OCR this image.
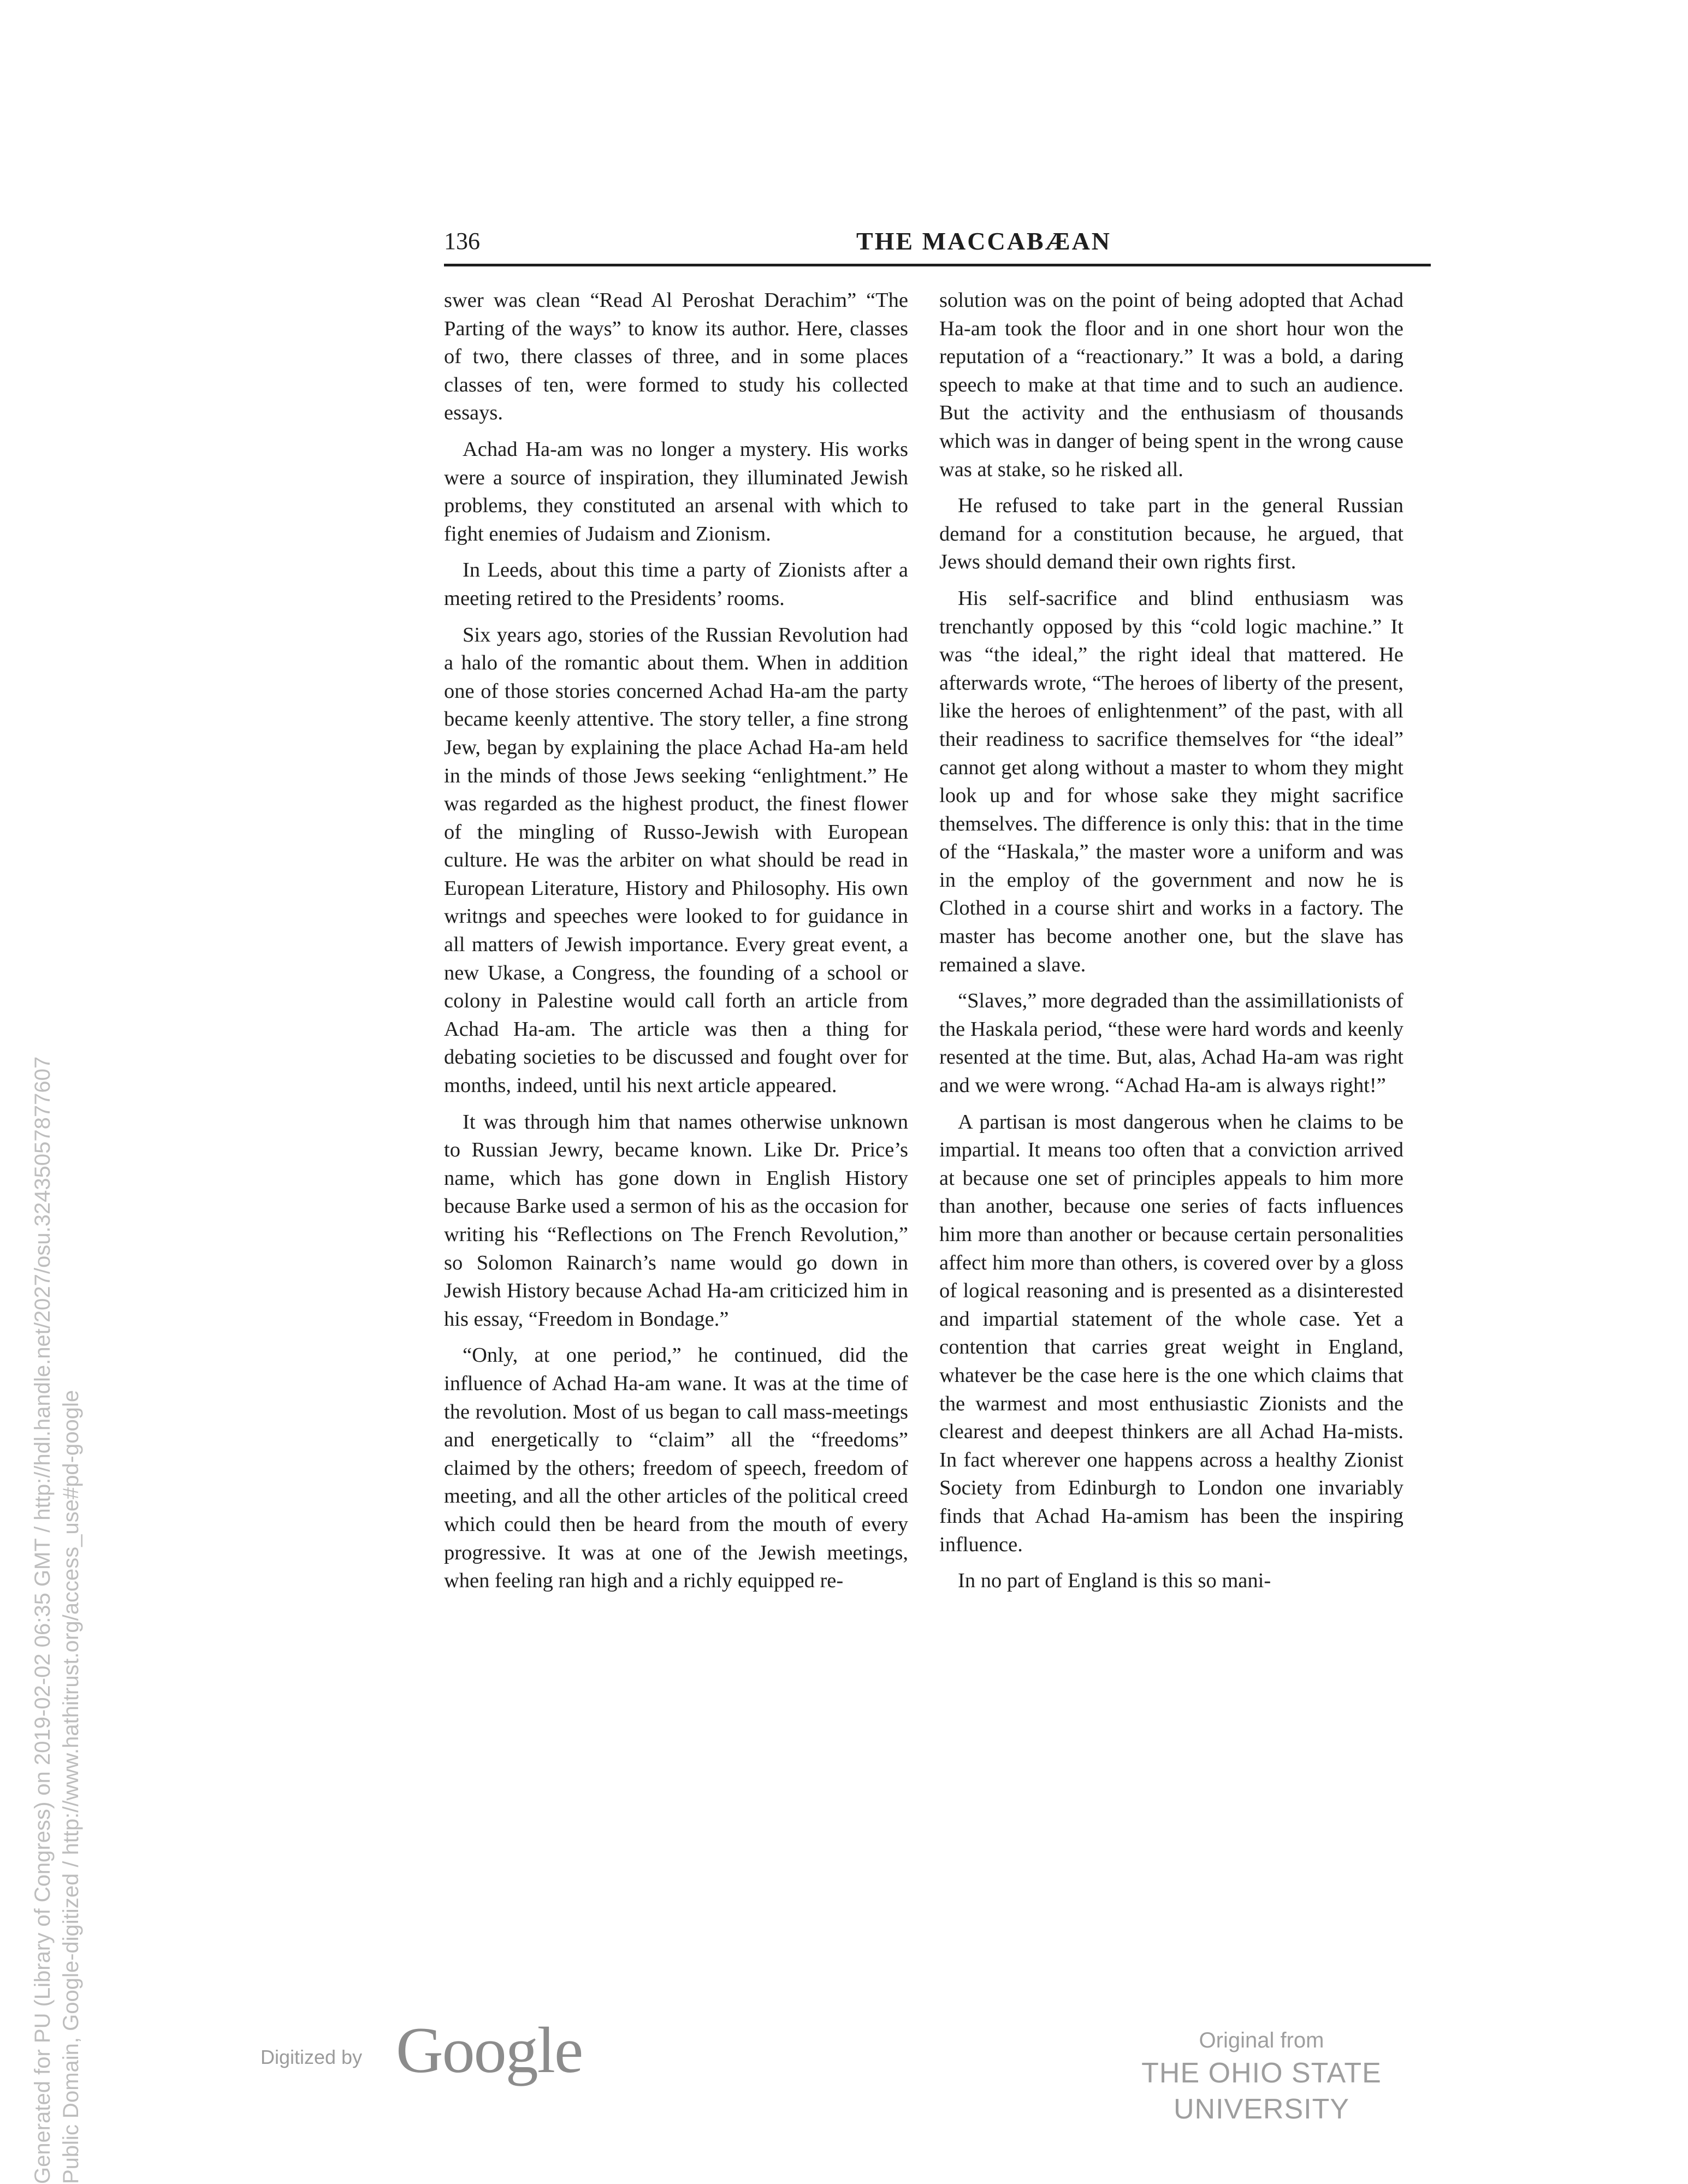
136	THE MACCABÆAN

swer was clean “Read Al Peroshat Derachim” “The Parting of the ways” to know its author. Here, classes of two, there classes of three, and in some places classes of ten, were formed to study his collected essays.

Achad Ha-am was no longer a mystery. His works were a source of inspiration, they illuminated Jewish problems, they constituted an arsenal with which to fight enemies of Judaism and Zionism.

In Leeds, about this time a party of Zionists after a meeting retired to the Presidents’ rooms.

Six years ago, stories of the Russian Revolution had a halo of the romantic about them. When in addition one of those stories concerned Achad Ha-am the party became keenly attentive. The story teller, a fine strong Jew, began by explaining the place Achad Ha-am held in the minds of those Jews seeking “enlightment.” He was regarded as the highest product, the finest flower of the mingling of Russo-Jewish with European culture. He was the arbiter on what should be read in European Literature, History and Philosophy. His own writngs and speeches were looked to for guidance in all matters of Jewish importance. Every great event, a new Ukase, a Congress, the founding of a school or colony in Palestine would call forth an article from Achad Ha-am. The article was then a thing for debating societies to be discussed and fought over for months, indeed, until his next article appeared.

It was through him that names otherwise unknown to Russian Jewry, became known. Like Dr. Price’s name, which has gone down in English History because Barke used a sermon of his as the occasion for writing his “Reflections on The French Revolution,” so Solomon Rainarch’s name would go down in Jewish History because Achad Ha-am criticized him in his essay, “Freedom in Bondage.”

“Only, at one period,” he continued, did the influence of Achad Ha-am wane. It was at the time of the revolution. Most of us began to call mass-meetings and energetically to “claim” all the “freedoms” claimed by the others; freedom of speech, freedom of meeting, and all the other articles of the political creed which could then be heard from the mouth of every progressive. It was at one of the Jewish meetings, when feeling ran high and a richly equipped re-

solution was on the point of being adopted that Achad Ha-am took the floor and in one short hour won the reputation of a “reactionary.” It was a bold, a daring speech to make at that time and to such an audience. But the activity and the enthusiasm of thousands which was in danger of being spent in the wrong cause was at stake, so he risked all.

He refused to take part in the general Russian demand for a constitution because, he argued, that Jews should demand their own rights first.

His self-sacrifice and blind enthusiasm was trenchantly opposed by this “cold logic machine.” It was “the ideal,” the right ideal that mattered. He afterwards wrote, “The heroes of liberty of the present, like the heroes of enlightenment” of the past, with all their readiness to sacrifice themselves for “the ideal” cannot get along without a master to whom they might look up and for whose sake they might sacrifice themselves. The difference is only this: that in the time of the “Haskala,” the master wore a uniform and was in the employ of the government and now he is Clothed in a course shirt and works in a factory. The master has become another one, but the slave has remained a slave.

“Slaves,” more degraded than the assimillationists of the Haskala period, “these were hard words and keenly resented at the time. But, alas, Achad Ha-am was right and we were wrong. “Achad Ha-am is always right!”

A partisan is most dangerous when he claims to be impartial. It means too often that a conviction arrived at because one set of principles appeals to him more than another, because one series of facts influences him more than another or because certain personalities affect him more than others, is covered over by a gloss of logical reasoning and is presented as a disinterested and impartial statement of the whole case. Yet a contention that carries great weight in England, whatever be the case here is the one which claims that the warmest and most enthusiastic Zionists and the clearest and deepest thinkers are all Achad Ha-mists. In fact wherever one happens across a healthy Zionist Society from Edinburgh to London one invariably finds that Achad Ha-amism has been the inspiring influence.

In no part of England is this so mani-

Generated for PU (Library of Congress) on 2019-02-02 06:35 GMT / http://hdl.handle.net/2027/osu.32435057877607 Public Domain, Google-digitized / http://www.hathitrust.org/access_use#pd-google	Digitized by Google	Original from
THE OHIO STATE UNIVERSITY
